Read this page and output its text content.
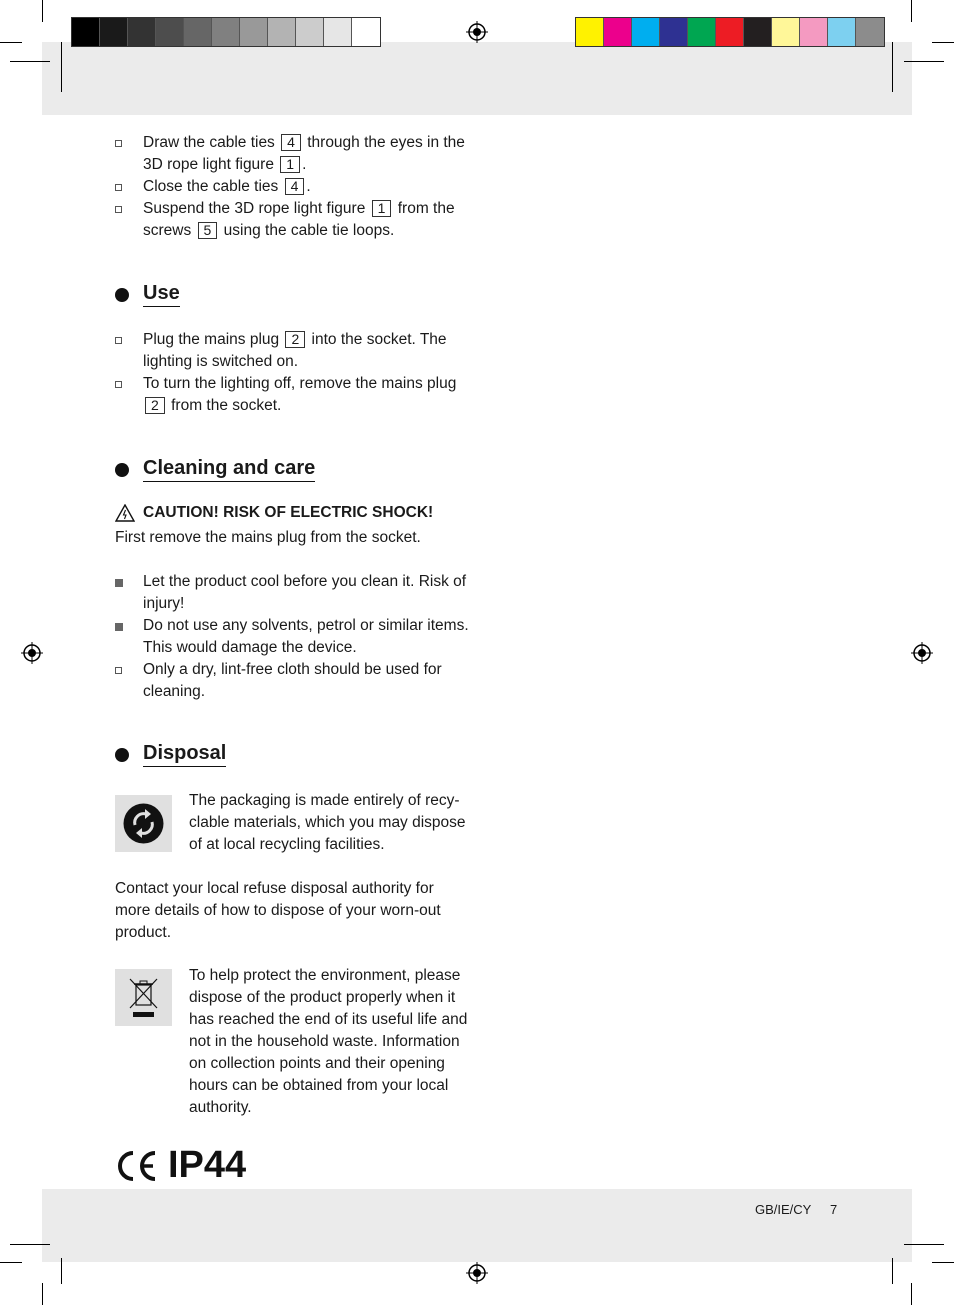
Draw the cable ties 4 through the eyes in the 3D rope light figure 1 .
Close the cable ties 4 .
Suspend the 3D rope light figure 1 from the screws 5 using the cable tie loops.
Use
Plug the mains plug 2 into the socket. The lighting is switched on.
To turn the lighting off, remove the mains plug 2 from the socket.
Cleaning and care
CAUTION! RISK OF ELECTRIC SHOCK!
First remove the mains plug from the socket.
Let the product cool before you clean it. Risk of injury!
Do not use any solvents, petrol or similar items. This would damage the device.
Only a dry, lint-free cloth should be used for cleaning.
Disposal
The packaging is made entirely of recy-clable materials, which you may dispose of at local recycling facilities.
Contact your local refuse disposal authority for more details of how to dispose of your worn-out product.
To help protect the environment, please dispose of the product properly when it has reached the end of its useful life and not in the household waste. Information on collection points and their opening hours can be obtained from your local authority.
IP44
GB/IE/CY 7
